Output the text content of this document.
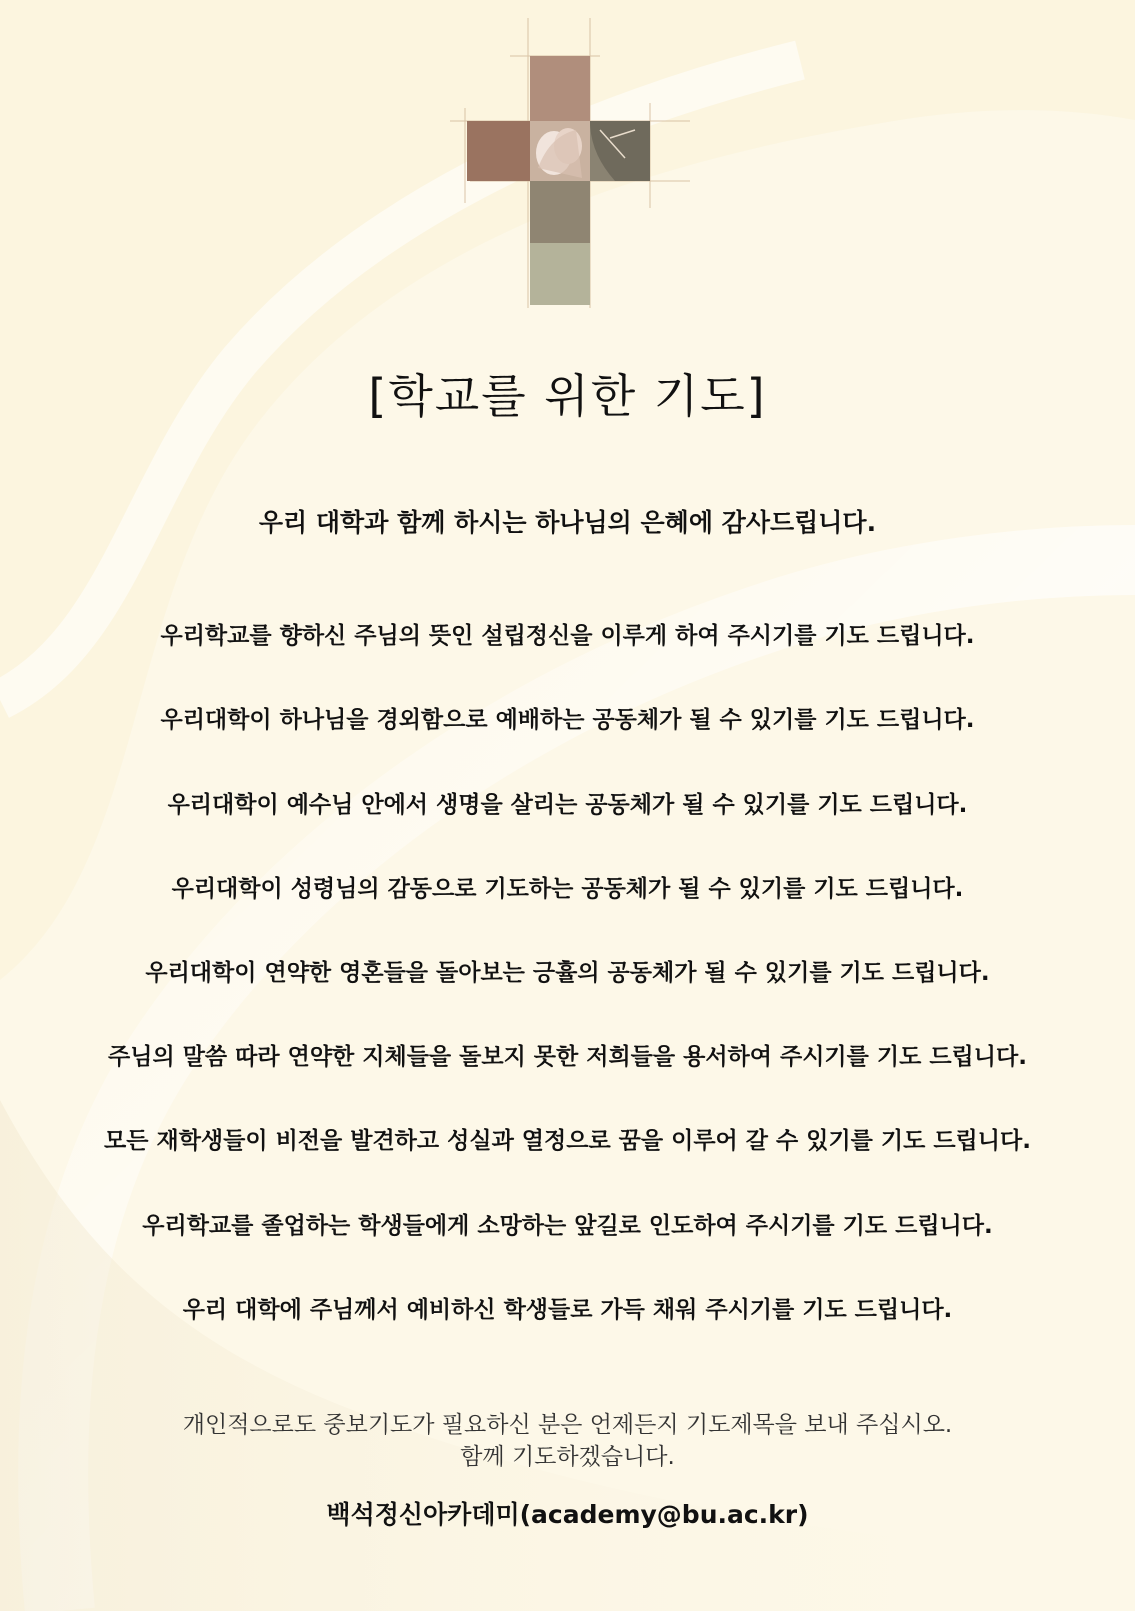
[학교를 위한 기도]
우리 대학과 함께 하시는 하나님의 은혜에 감사드립니다.
우리학교를 향하신 주님의 뜻인 설립정신을 이루게 하여 주시기를 기도 드립니다.
우리대학이 하나님을 경외함으로 예배하는 공동체가 될 수 있기를 기도 드립니다.
우리대학이 예수님 안에서 생명을 살리는 공동체가 될 수 있기를 기도 드립니다.
우리대학이 성령님의 감동으로 기도하는 공동체가 될 수 있기를 기도 드립니다.
우리대학이 연약한 영혼들을 돌아보는 긍휼의 공동체가 될 수 있기를 기도 드립니다.
주님의 말씀 따라 연약한 지체들을 돌보지 못한 저희들을 용서하여 주시기를 기도 드립니다.
모든 재학생들이 비전을 발견하고 성실과 열정으로 꿈을 이루어 갈 수 있기를 기도 드립니다.
우리학교를 졸업하는 학생들에게 소망하는 앞길로 인도하여 주시기를 기도 드립니다.
우리 대학에 주님께서 예비하신 학생들로 가득 채워 주시기를 기도 드립니다.
개인적으로도 중보기도가 필요하신 분은 언제든지 기도제목을 보내 주십시오.
함께 기도하겠습니다.
백석정신아카데미(academy@bu.ac.kr)
